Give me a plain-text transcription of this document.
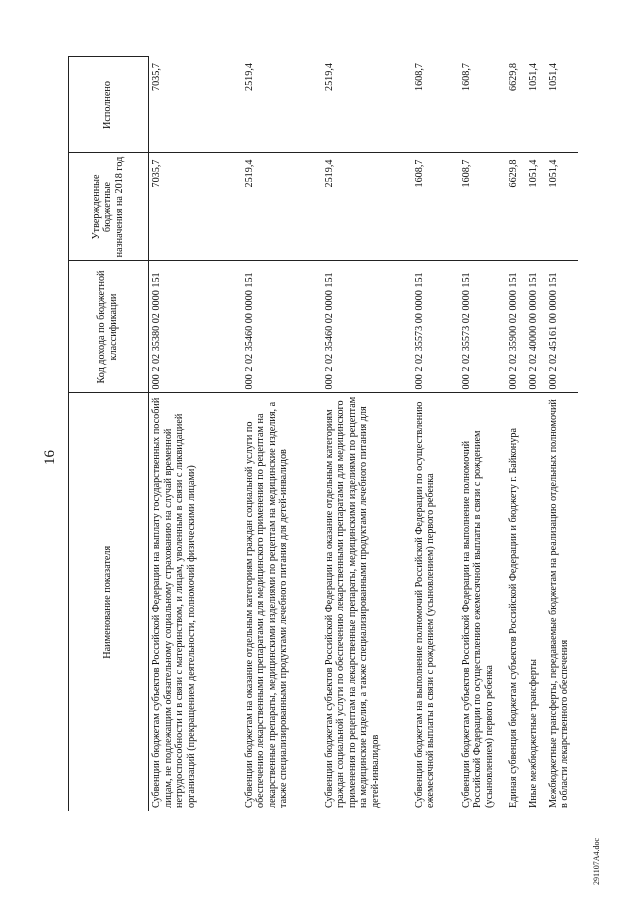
16
Наименование показателя	Код дохода по бюджетной классификации	Утвержденные бюджетные назначения на 2018 год	Исполнено
Субвенции бюджетам субъектов Российской Федерации на выплату государственных пособий лицам, не подлежащим обязательному социальному страхованию на случай временной нетрудоспособности и в связи с материнством, и лицам, уволенным в связи с ликвидацией организаций (прекращением деятельности, полномочий физическими лицами)	000 2 02 35380 02 0000 151	7035,7	7035,7
Субвенции бюджетам на оказание отдельным категориям граждан социальной услуги по обеспечению лекарственными препаратами для медицинского применения по рецептам на лекарственные препараты, медицинскими изделиями по рецептам на медицинские изделия, а также специализированными продуктами лечебного питания для детей-инвалидов	000 2 02 35460 00 0000 151	2519,4	2519,4
Субвенции бюджетам субъектов Российской Федерации на оказание отдельным категориям граждан социальной услуги по обеспечению лекарственными препаратами для медицинского применения по рецептам на лекарственные препараты, медицинскими изделиями по рецептам на медицинские изделия, а также специализированными продуктами лечебного питания для детей-инвалидов	000 2 02 35460 02 0000 151	2519,4	2519,4
Субвенции бюджетам на выполнение полномочий Российской Федерации по осуществлению ежемесячной выплаты в связи с рождением (усыновлением) первого ребенка	000 2 02 35573 00 0000 151	1608,7	1608,7
Субвенции бюджетам субъектов Российской Федерации на выполнение полномочий Российской Федерации по осуществлению ежемесячной выплаты в связи с рождением (усыновлением) первого ребенка	000 2 02 35573 02 0000 151	1608,7	1608,7
Единая субвенция бюджетам субъектов Российской Федерации и бюджету г. Байконура	000 2 02 35900 02 0000 151	6629,8	6629,8
Иные межбюджетные трансферты	000 2 02 40000 00 0000 151	1051,4	1051,4
Межбюджетные трансферты, передаваемые бюджетам на реализацию отдельных полномочий в области лекарственного обеспечения	000 2 02 45161 00 0000 151	1051,4	1051,4
291107A4.doc
